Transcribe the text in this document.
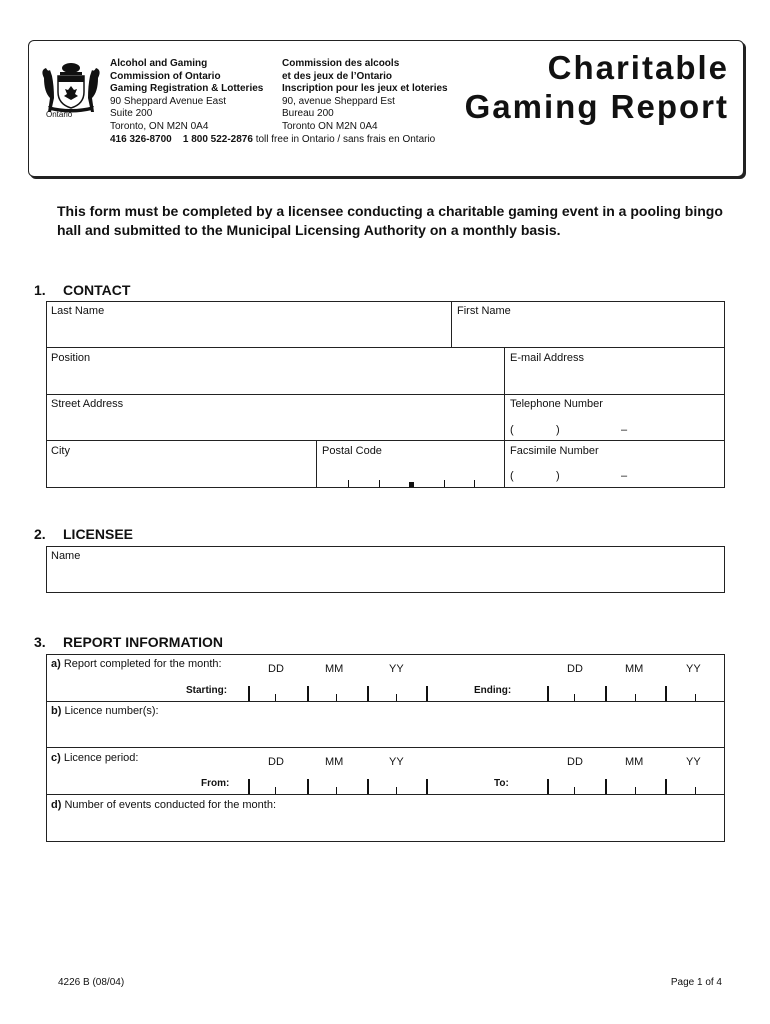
Ontario
Alcohol and Gaming
Commission of Ontario
Gaming Registration & Lotteries
90 Sheppard Avenue East
Suite 200
Toronto, ON M2N 0A4
Commission des alcools
et des jeux de l’Ontario
Inscription pour les jeux et loteries
90, avenue Sheppard Est
Bureau 200
Toronto ON M2N 0A4
416 326-8700 1 800 522-2876 toll free in Ontario / sans frais en Ontario
Charitable
Gaming Report
This form must be completed by a licensee conducting a charitable gaming event in a pooling bingo hall and submitted to the Municipal Licensing Authority on a monthly basis.
1. CONTACT
Last Name	First Name
Position	E-mail Address
Street Address	Telephone Number
(	)	–
City	Postal Code	Facsimile Number
(	)	–
2. LICENSEE
Name
3. REPORT INFORMATION
a) Report completed for the month:	DD	MM	YY	DD	MM	YY
Starting:	Ending:
b) Licence number(s):
c) Licence period:	DD	MM	YY	DD	MM	YY
From:	To:
d) Number of events conducted for the month:
4226 B (08/04)	Page 1 of 4
